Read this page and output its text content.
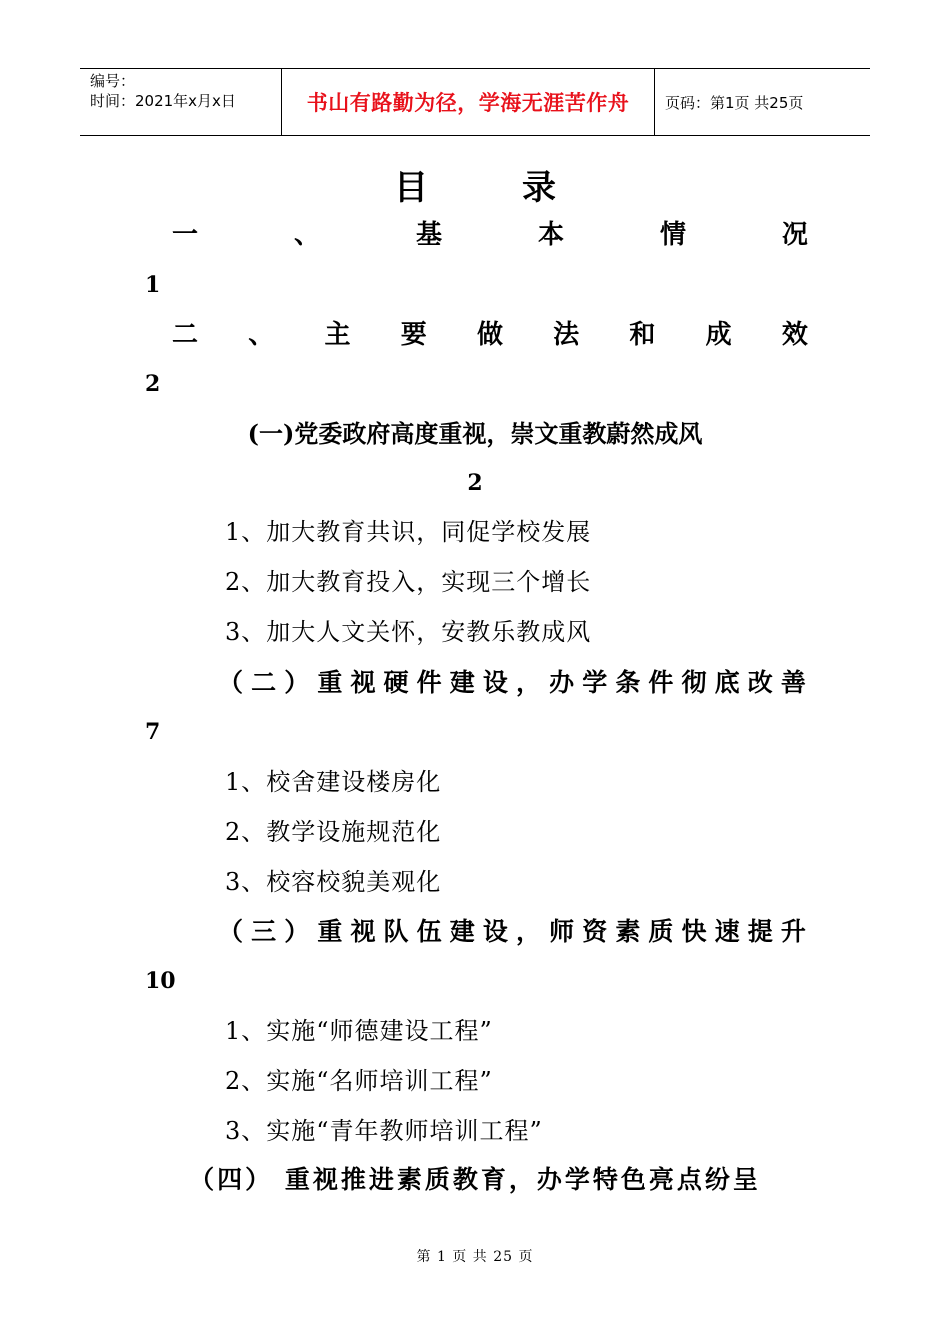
编号：
时间：2021年x月x日	书山有路勤为径，学海无涯苦作舟	页码：第1页 共25页
目　录
一	、	基	本	情	况
1
二 、 主 要 做 法 和 成 效
2
(一)党委政府高度重视，崇文重教蔚然成风
2
1、加大教育共识，同促学校发展
2、加大教育投入，实现三个增长
3、加大人文关怀，安教乐教成风
（ 二 ） 重 视 硬 件 建 设 ， 办 学 条 件 彻 底 改 善
7
1、校舍建设楼房化
2、教学设施规范化
3、校容校貌美观化
（ 三 ） 重 视 队 伍 建 设 ， 师 资 素 质 快 速 提 升
10
1、实施“师德建设工程”
2、实施“名师培训工程”
3、实施“青年教师培训工程”
（四） 重视推进素质教育，办学特色亮点纷呈
第 1 页 共 25 页
